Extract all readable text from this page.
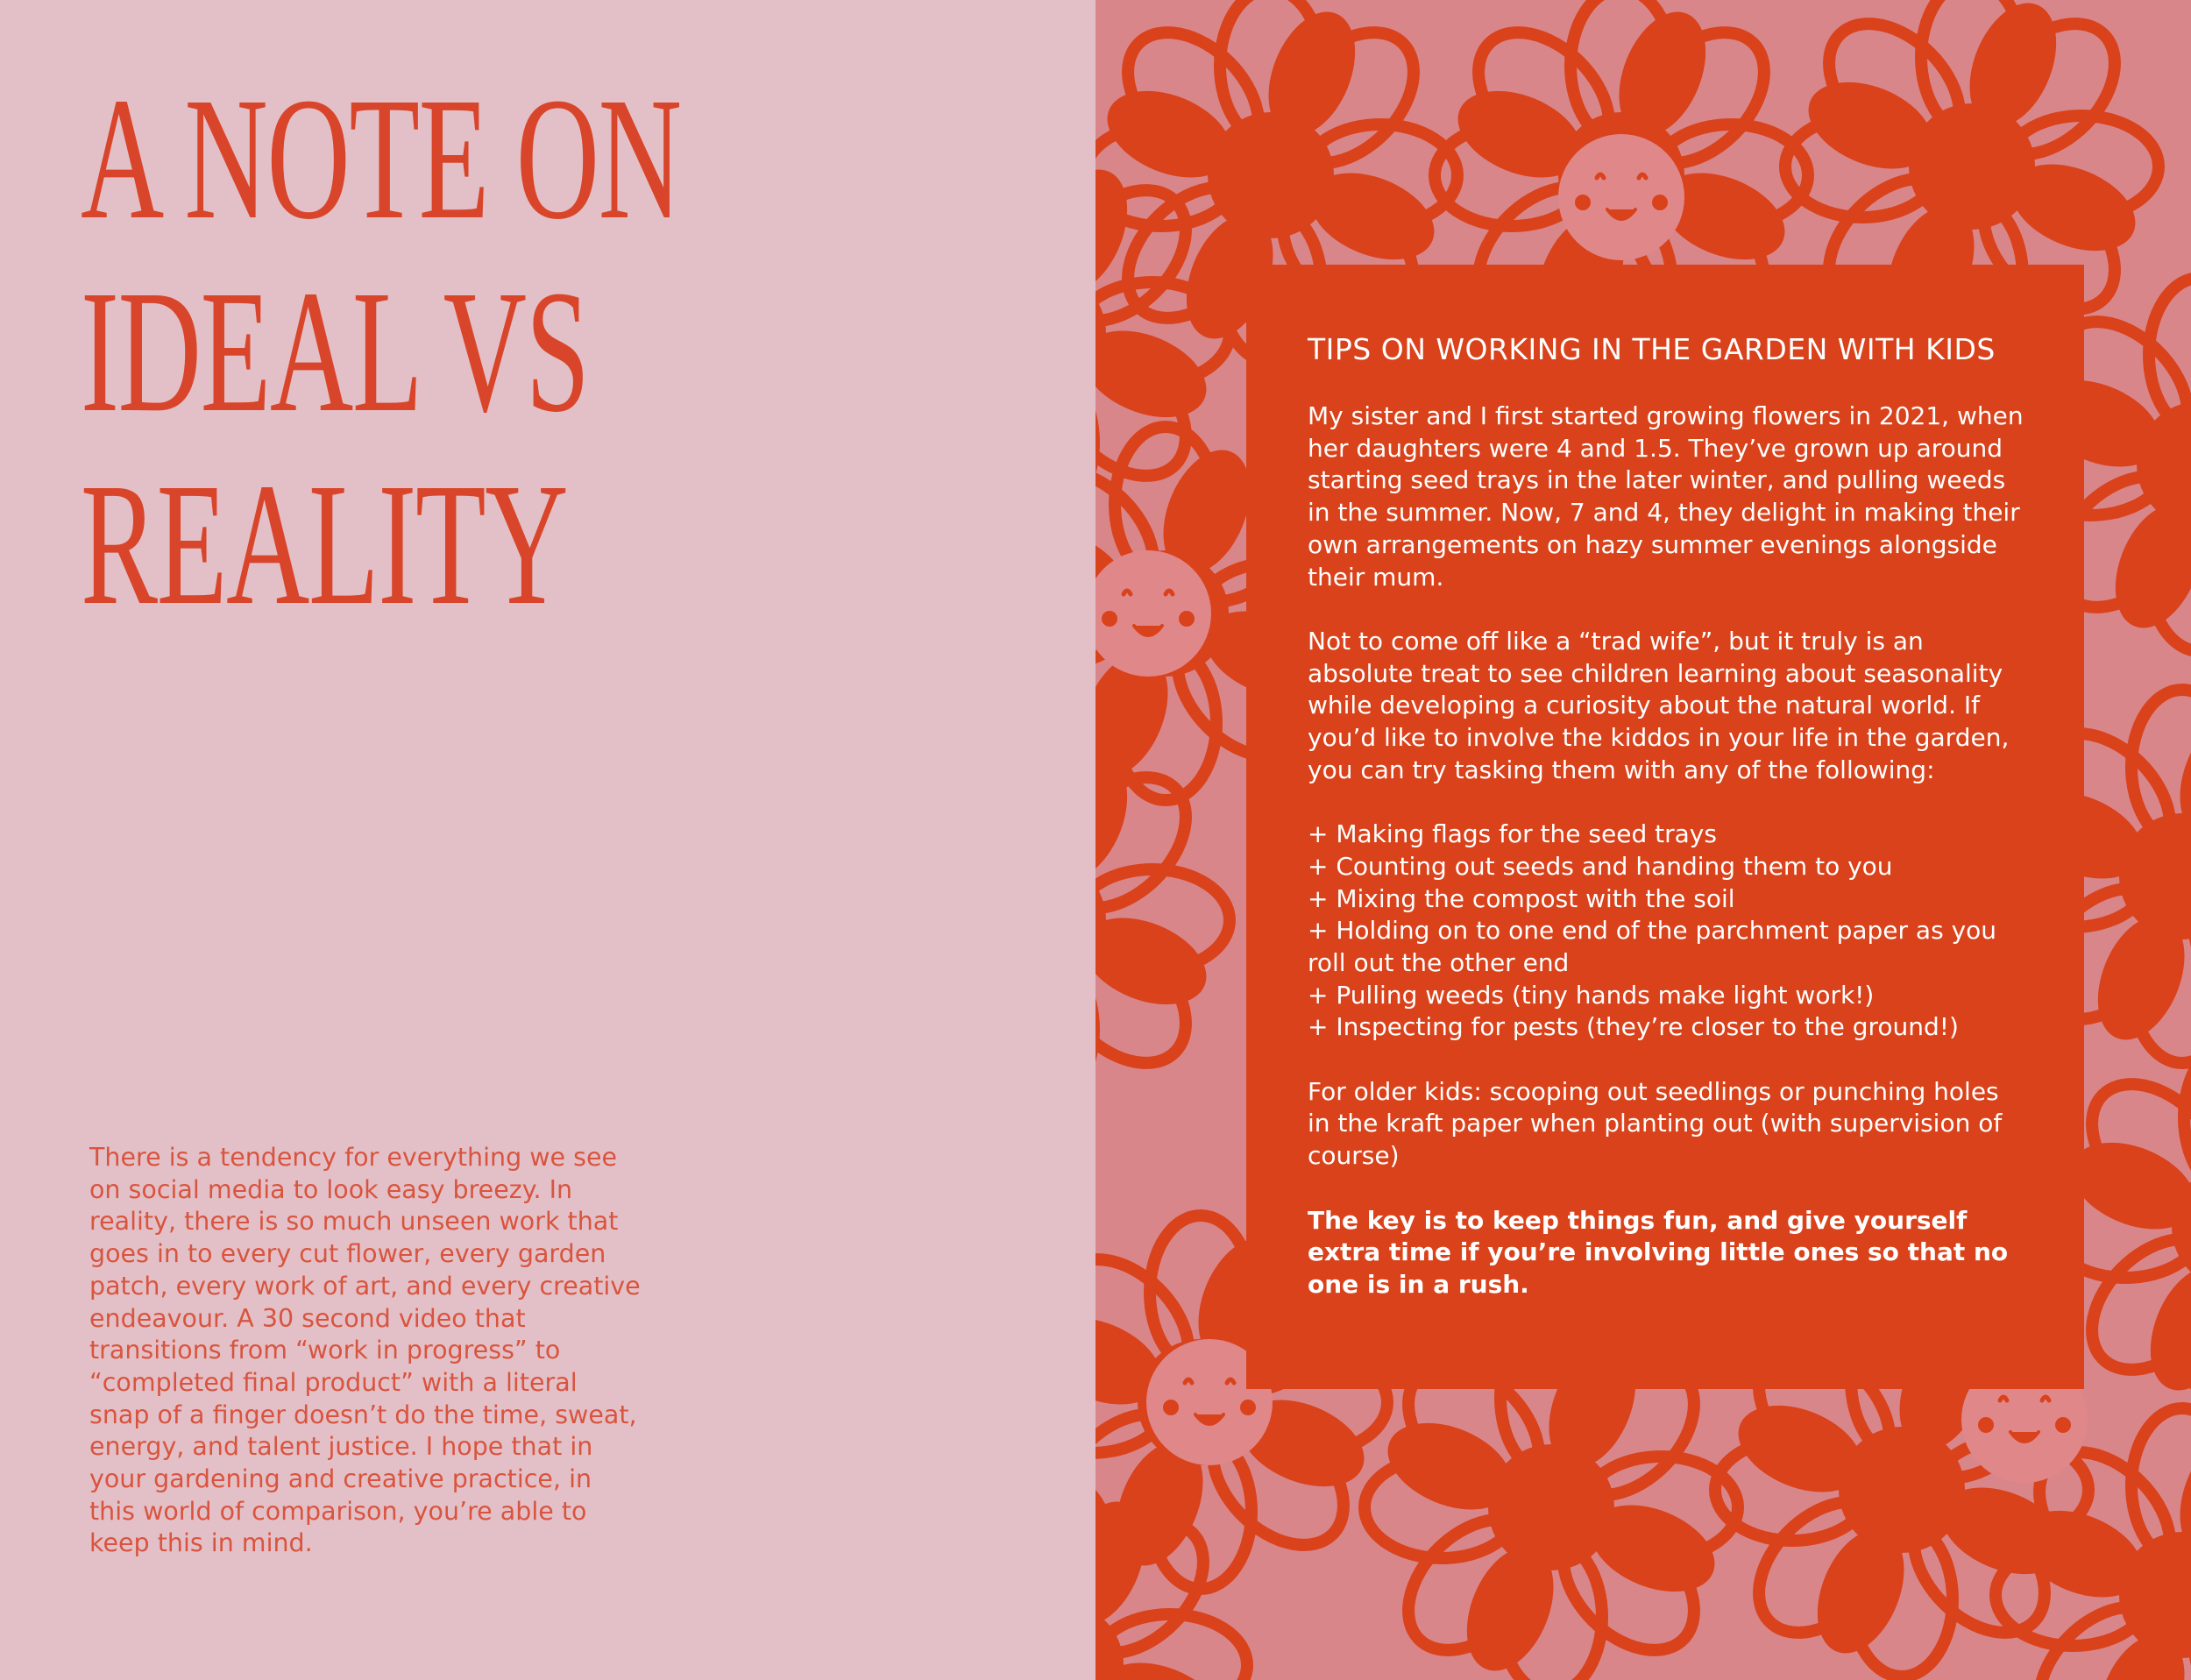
A NOTE ON
IDEAL VS
REALITY

There is a tendency for everything we see on social media to look easy breezy. In reality, there is so much unseen work that goes in to every cut flower, every garden patch, every work of art, and every creative endeavour. A 30 second video that transitions from “work in progress” to “completed final product” with a literal snap of a finger doesn’t do the time, sweat, energy, and talent justice. I hope that in your gardening and creative practice, in this world of comparison, you’re able to keep this in mind.

TIPS ON WORKING IN THE GARDEN WITH KIDS

My sister and I first started growing flowers in 2021, when her daughters were 4 and 1.5. They’ve grown up around starting seed trays in the later winter, and pulling weeds in the summer. Now, 7 and 4, they delight in making their own arrangements on hazy summer evenings alongside their mum.

Not to come off like a “trad wife”, but it truly is an absolute treat to see children learning about seasonality while developing a curiosity about the natural world. If you’d like to involve the kiddos in your life in the garden, you can try tasking them with any of the following:

+ Making flags for the seed trays
+ Counting out seeds and handing them to you
+ Mixing the compost with the soil
+ Holding on to one end of the parchment paper as you roll out the other end
+ Pulling weeds (tiny hands make light work!)
+ Inspecting for pests (they’re closer to the ground!)

For older kids: scooping out seedlings or punching holes in the kraft paper when planting out (with supervision of course)

The key is to keep things fun, and give yourself extra time if you’re involving little ones so that no one is in a rush.
